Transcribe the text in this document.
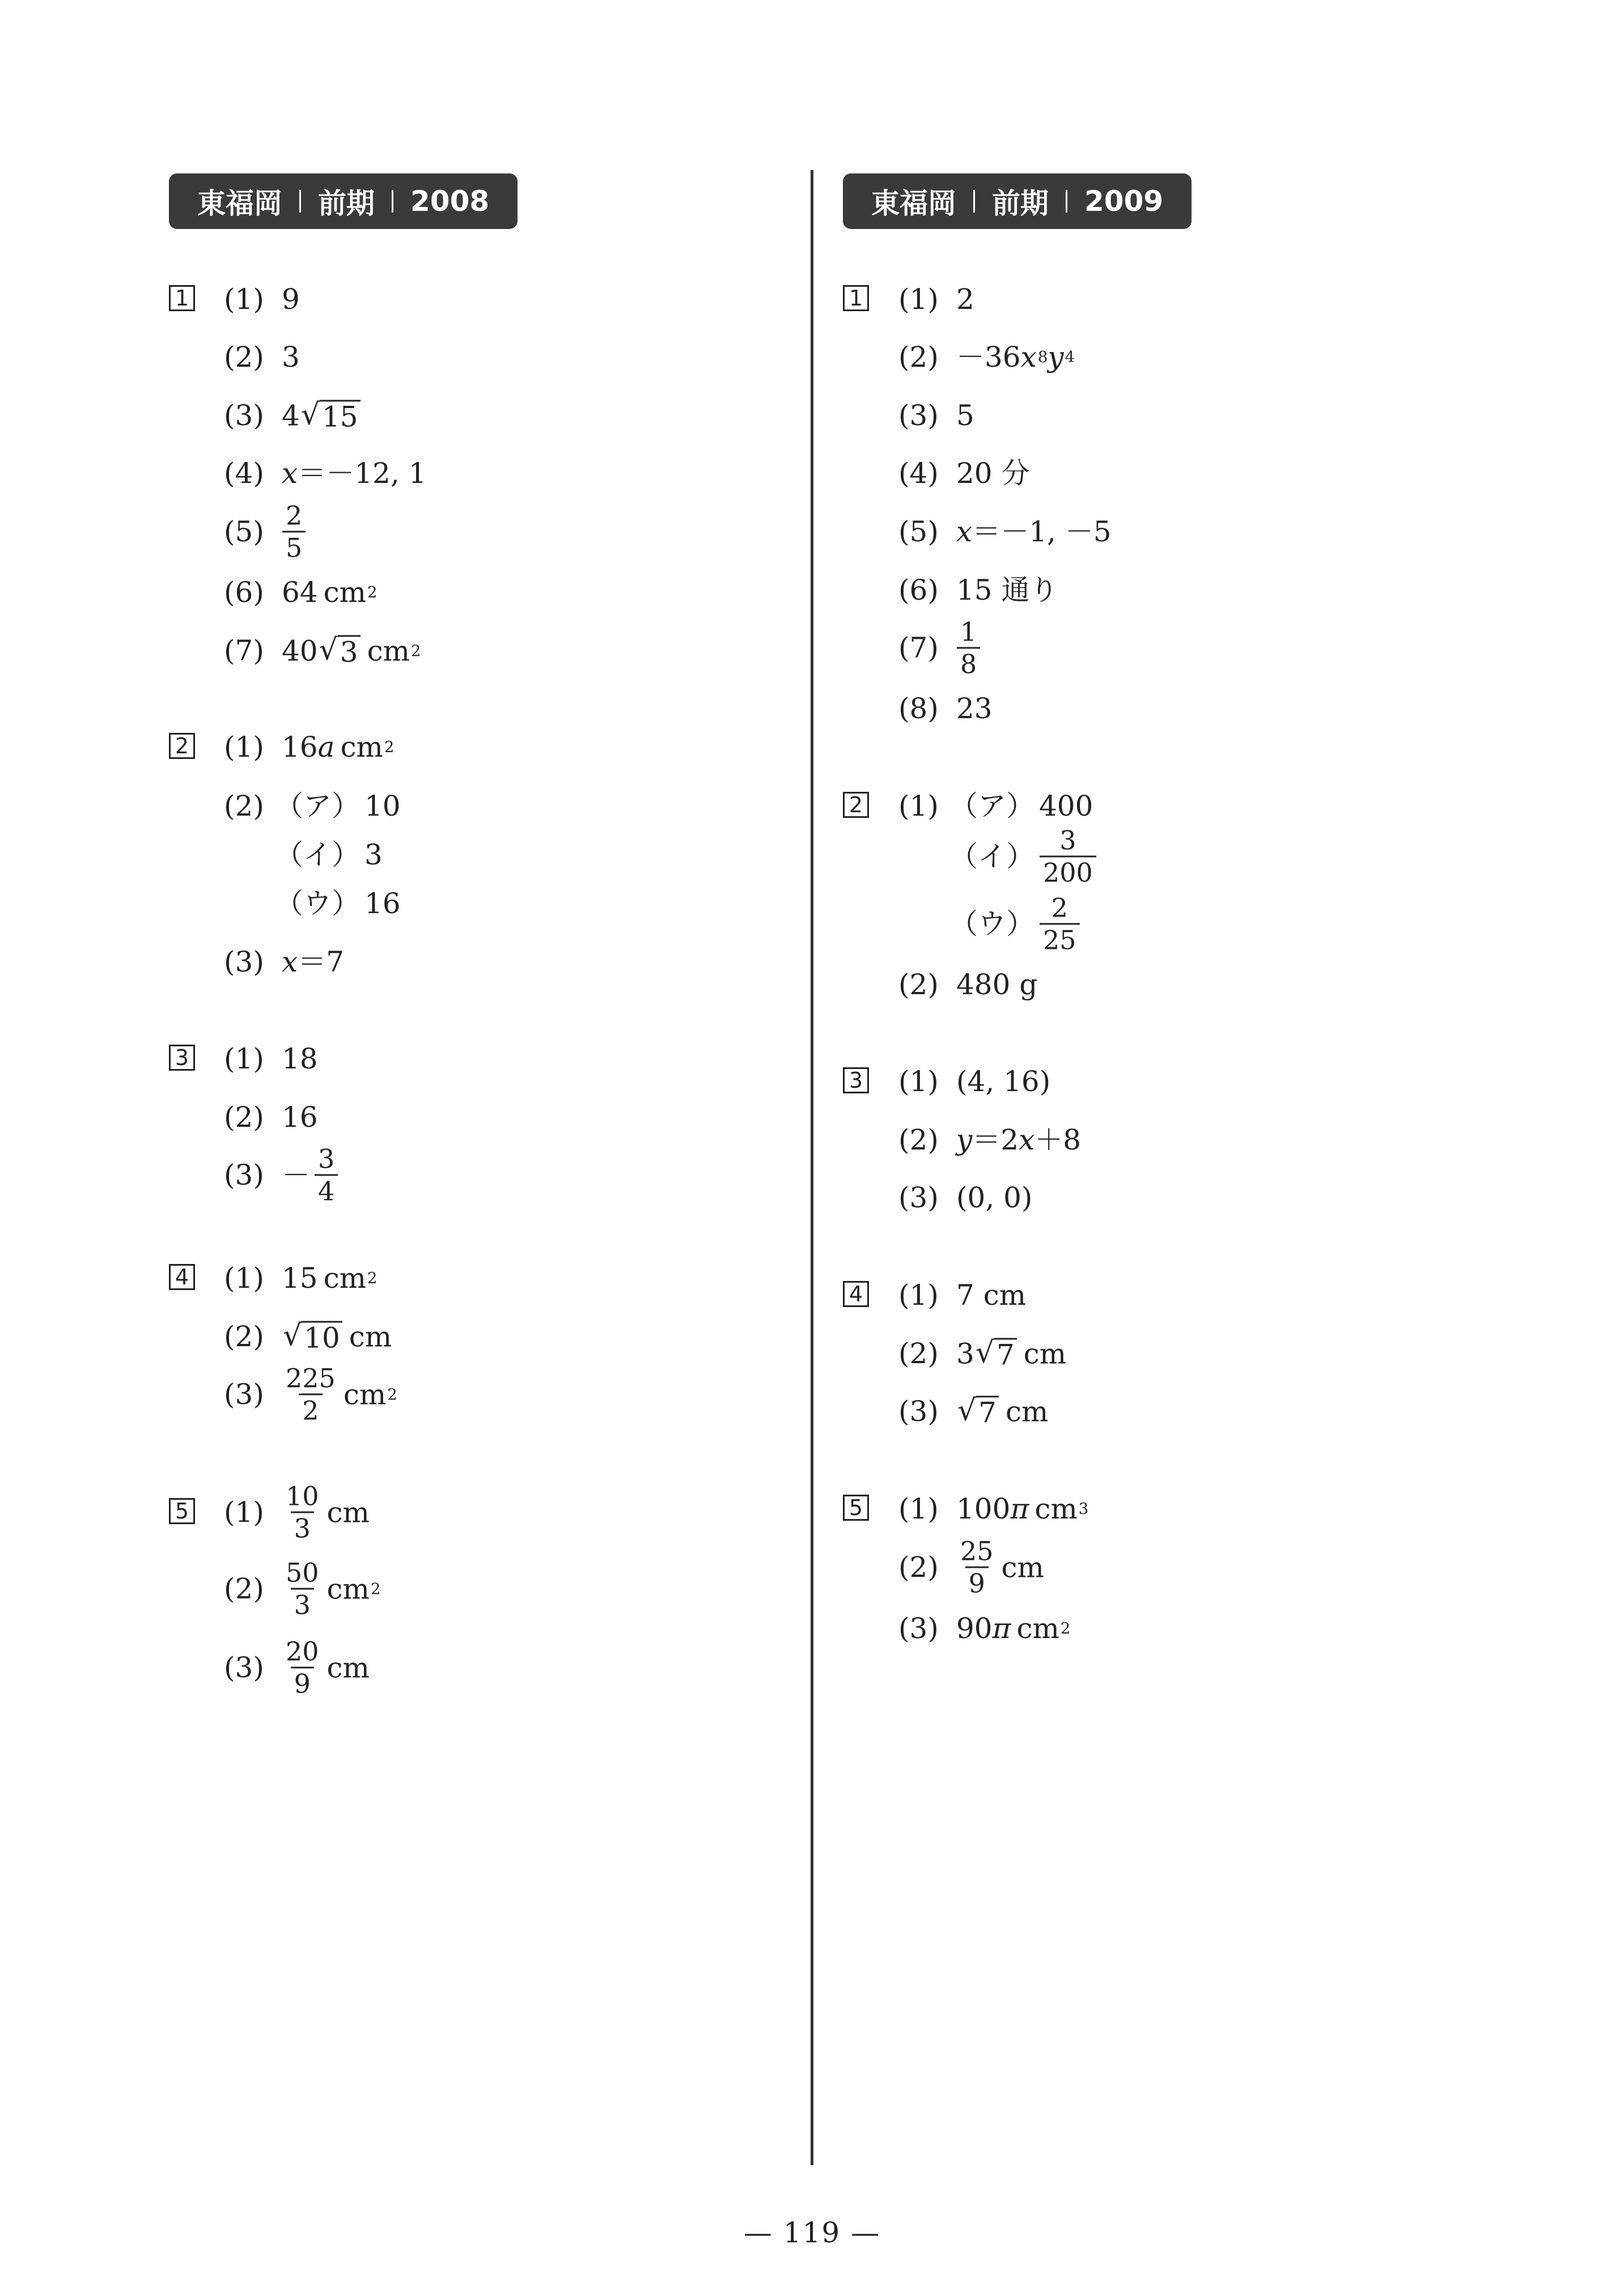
東福岡 前期 2008	東福岡 前期 2009
1 (1) 9
(2) 3
(3) 4 √ 15
(4) x ＝－12, 1
$(5) \frac{2}{5}$
(6) 64 cm 2
(7) 40 √ 3 cm 2
2 (1) 16 a cm 2
(2) （ア） 10
（イ） 3
（ウ） 16
(3) x ＝7
3 (1) 18
(2) 16
$(3) - \frac{3}{4}$
4 (1) 15 cm 2
(2) √ 10 cm
$(3) \frac{225}{2}$ cm 2
5 $(1) \frac{10}{3}$ cm
$(2) \frac{50}{3}$ cm 2
$(3) \frac{20}{9}$ cm
1 (1) 2
(2) －36 x 8 y 4
(3) 5
(4) 20 分
(5) x ＝－1, －5
(6) 15 通り
$(7) \frac{1}{8}$
(8) 23
2 (1) （ア） 400
（イ） $\frac{3}{200}$
（ウ） $\frac{2}{25}$
(2) 480 g
3 (1) (4, 16)
(2) y ＝2 x ＋8
(3) (0, 0)
4 (1) 7 cm
(2) 3 √ 7 cm
(3) √ 7 cm
5 (1) 100 π cm 3
$(2) \frac{25}{9}$ cm
(3) 90 π cm 2
— 119 —
